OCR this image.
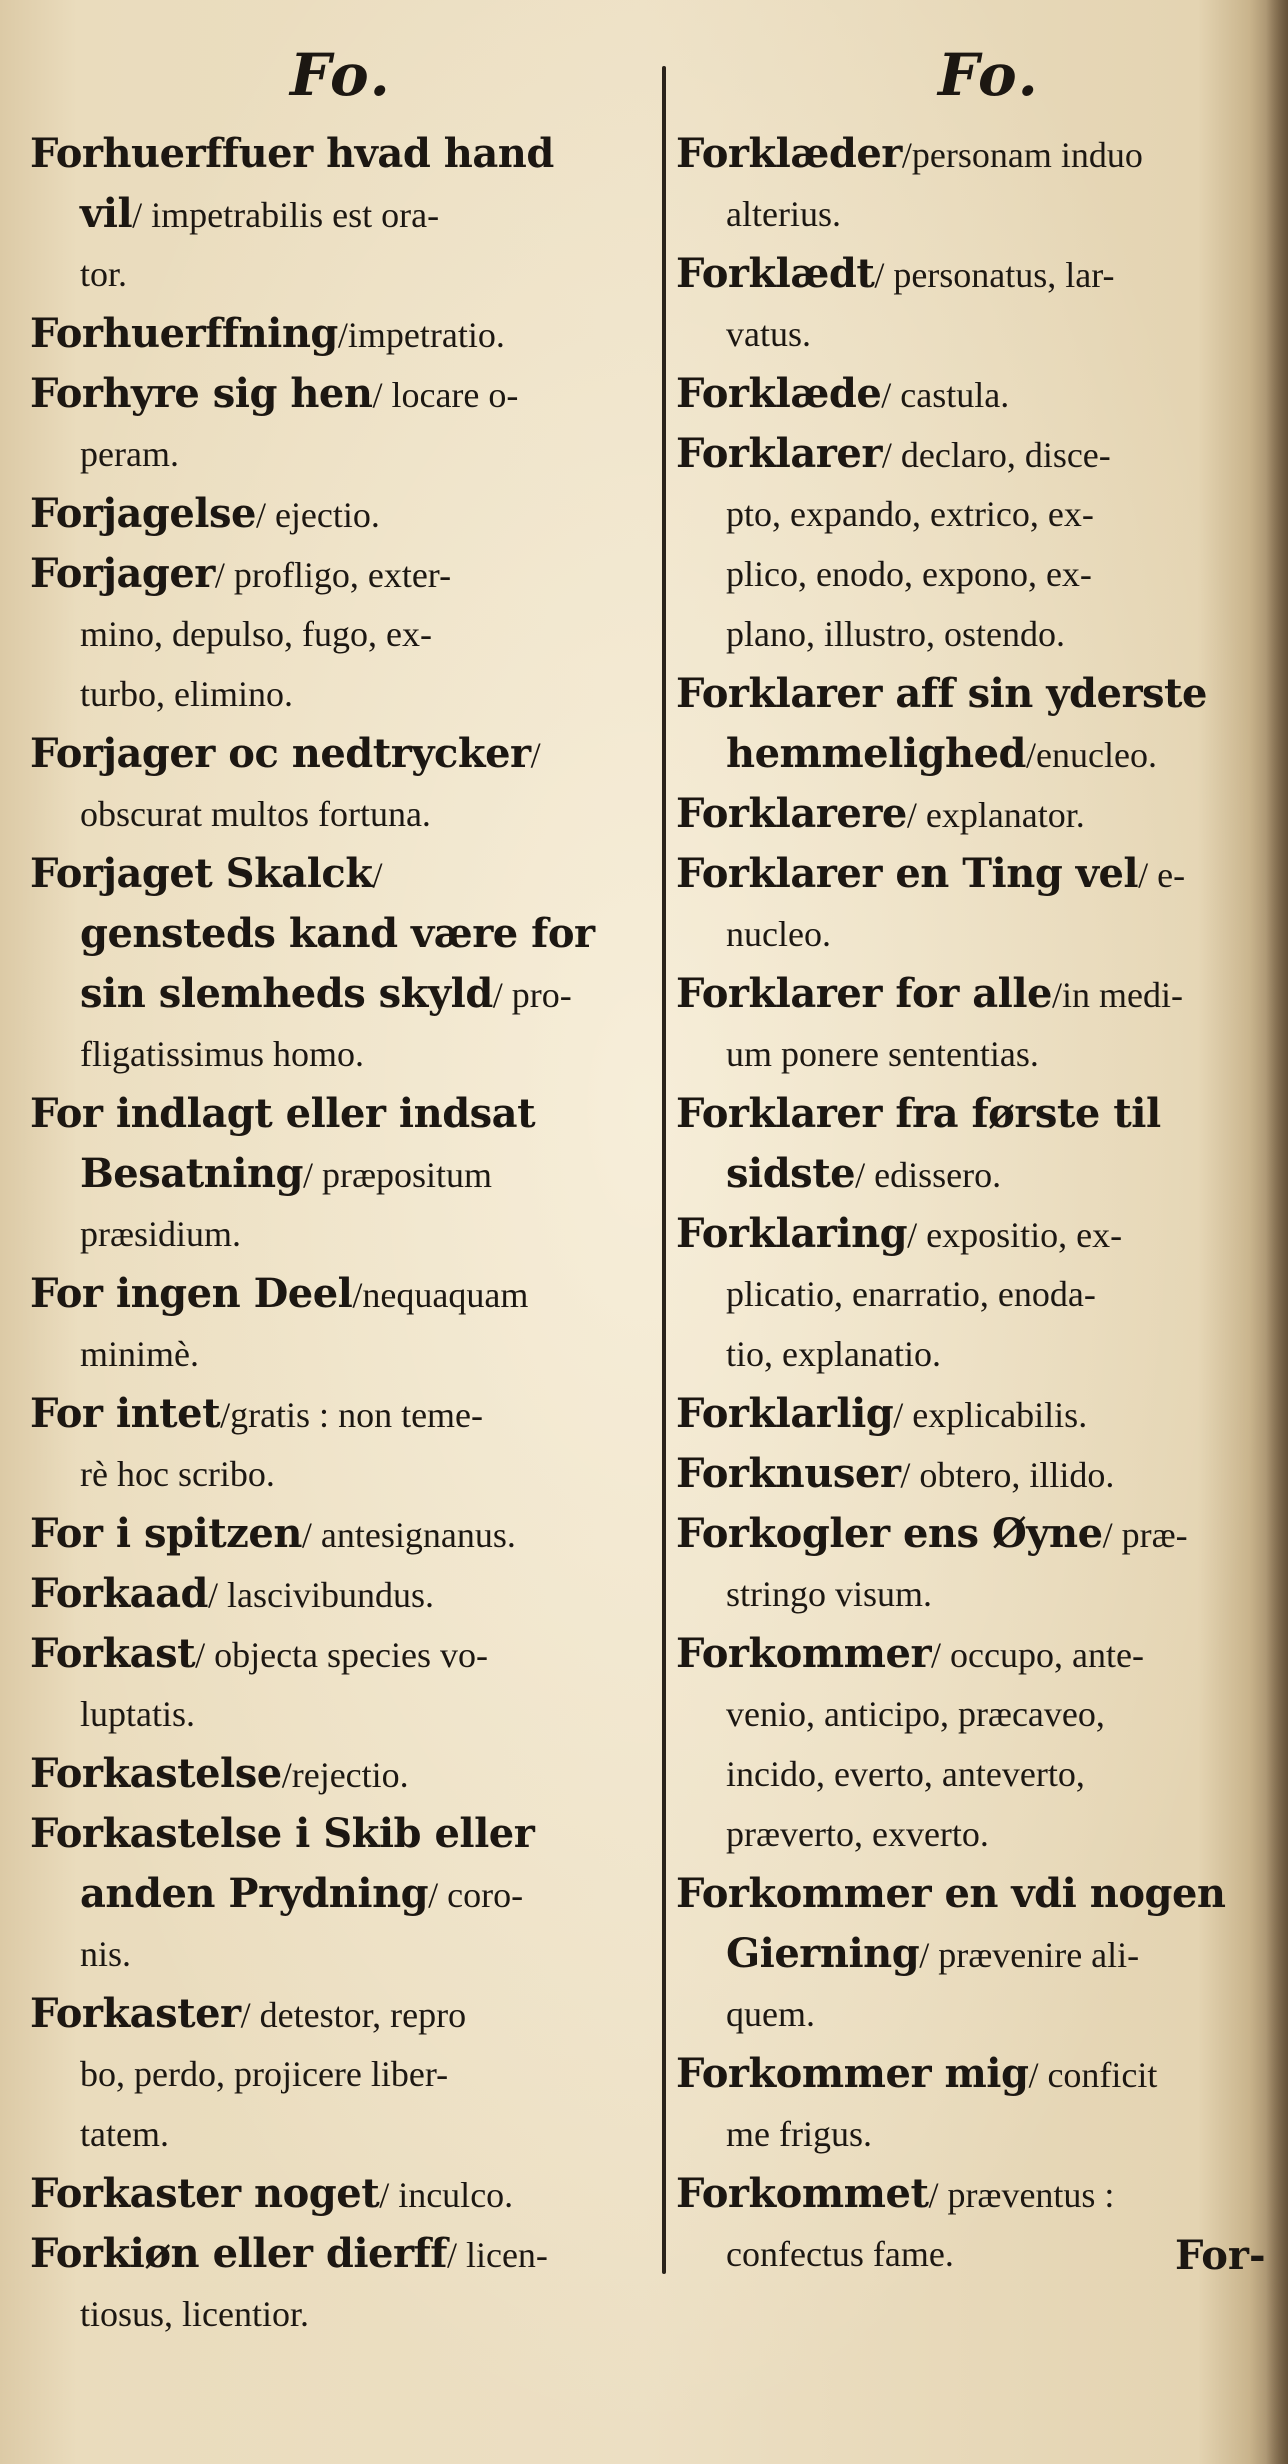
Fo.	Fo.
Forhuerffuer hvad hand
vil/ impetrabilis est ora-
tor.
Forhuerffning/impetratio.
Forhyre sig hen/ locare o-
peram.
Forjagelse/ ejectio.
Forjager/ profligo, exter-
mino, depulso, fugo, ex-
turbo, elimino.
Forjager oc nedtrycker/
obscurat multos fortuna.
Forjaget Skalck/
gensteds kand være for
sin slemheds skyld/ pro-
fligatissimus homo.
For indlagt eller indsat
Besatning/ præpositum
præsidium.
For ingen Deel/nequaquam
minimè.
For intet/gratis : non teme-
rè hoc scribo.
For i spitzen/ antesignanus.
Forkaad/ lascivibundus.
Forkast/ objecta species vo-
luptatis.
Forkastelse/rejectio.
Forkastelse i Skib eller
anden Prydning/ coro-
nis.
Forkaster/ detestor, repro
bo, perdo, projicere liber-
tatem.
Forkaster noget/ inculco.
Forkiøn eller dierff/ licen-
tiosus, licentior.
Forklæder/personam induo
alterius.
Forklædt/ personatus, lar-
vatus.
Forklæde/ castula.
Forklarer/ declaro, disce-
pto, expando, extrico, ex-
plico, enodo, expono, ex-
plano, illustro, ostendo.
Forklarer aff sin yderste
hemmelighed/enucleo.
Forklarere/ explanator.
Forklarer en Ting vel/ e-
nucleo.
Forklarer for alle/in medi-
um ponere sententias.
Forklarer fra første til
sidste/ edissero.
Forklaring/ expositio, ex-
plicatio, enarratio, enoda-
tio, explanatio.
Forklarlig/ explicabilis.
Forknuser/ obtero, illido.
Forkogler ens Øyne/ præ-
stringo visum.
Forkommer/ occupo, ante-
venio, anticipo, præcaveo,
incido, everto, anteverto,
præverto, exverto.
Forkommer en vdi nogen
Gierning/ prævenire ali-
quem.
Forkommer mig/ conficit
me frigus.
Forkommet/ præventus :
confectus fame.	For-
